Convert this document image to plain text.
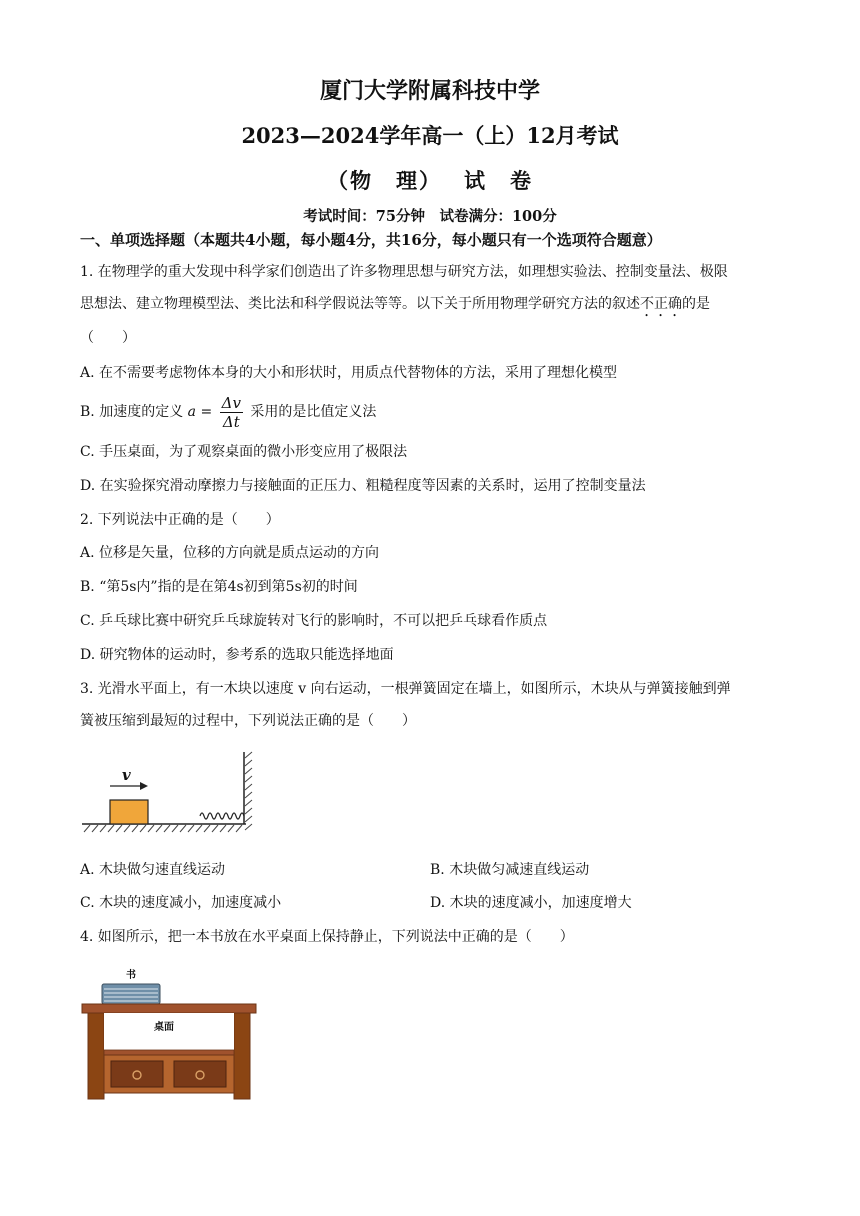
厦门大学附属科技中学
2023—2024学年高一（上）12月考试
（物　理） 试　卷
考试时间：75分钟　试卷满分：100分
一、单项选择题（本题共4小题，每小题4分，共16分，每小题只有一个选项符合题意）
1. 在物理学的重大发现中科学家们创造出了许多物理思想与研究方法，如理想实验法、控制变量法、极限
思想法、建立物理模型法、类比法和科学假说法等等。以下关于所用物理学研究方法的叙述不正确的是
（　　）
A. 在不需要考虑物体本身的大小和形状时，用质点代替物体的方法，采用了理想化模型
B. 加速度的定义 $a = \frac{\Delta v}{\Delta t}$ 采用的是比值定义法
C. 手压桌面，为了观察桌面的微小形变应用了极限法
D. 在实验探究滑动摩擦力与接触面的正压力、粗糙程度等因素的关系时，运用了控制变量法
2. 下列说法中正确的是（　　）
A. 位移是矢量，位移的方向就是质点运动的方向
B. “第5s内”指的是在第4s初到第5s初的时间
C. 乒乓球比赛中研究乒乓球旋转对飞行的影响时，不可以把乒乓球看作质点
D. 研究物体的运动时，参考系的选取只能选择地面
3. 光滑水平面上，有一木块以速度 v 向右运动，一根弹簧固定在墙上，如图所示，木块从与弹簧接触到弹
簧被压缩到最短的过程中，下列说法正确的是（　　）
v
A. 木块做匀速直线运动	B. 木块做匀减速直线运动
C. 木块的速度减小，加速度减小	D. 木块的速度减小，加速度增大
4. 如图所示，把一本书放在水平桌面上保持静止，下列说法中正确的是（　　）
书
桌面
